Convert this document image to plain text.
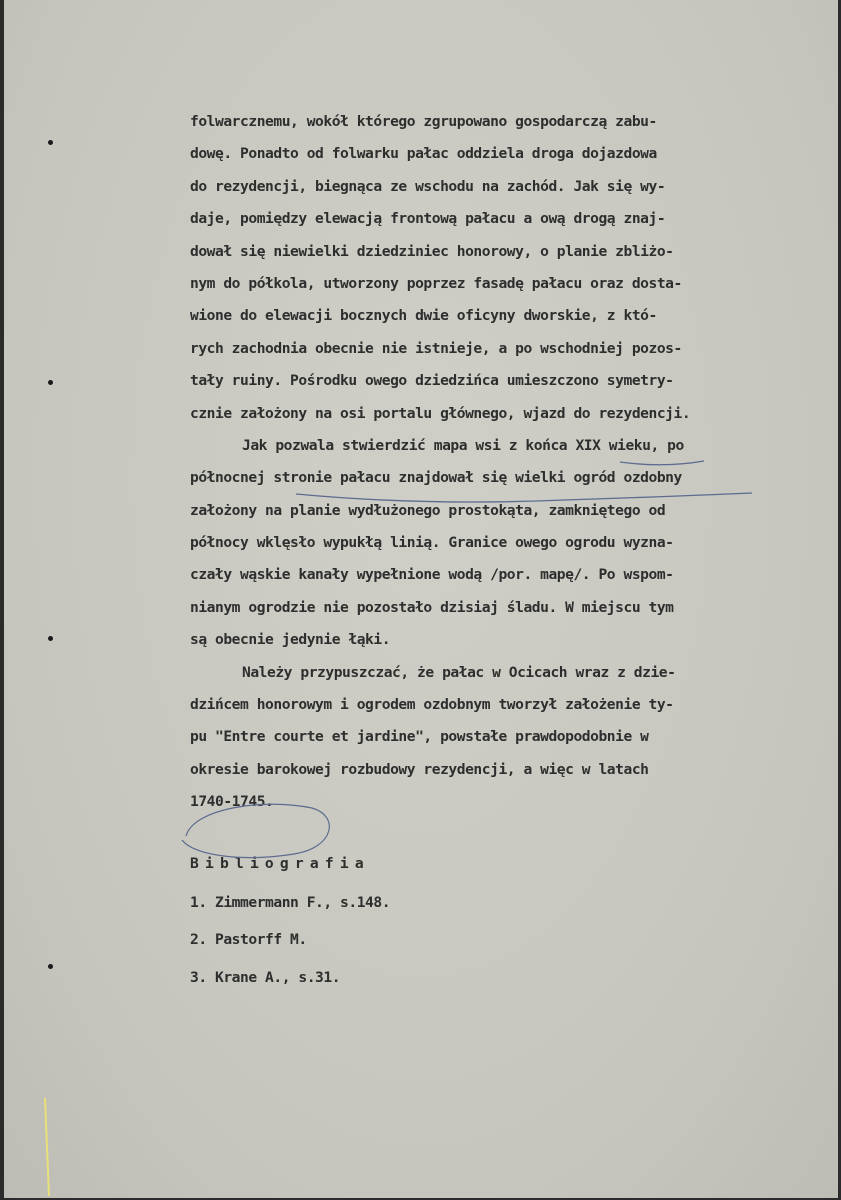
folwarcznemu, wokół którego zgrupowano gospodarczą zabu-
dowę. Ponadto od folwarku pałac oddziela droga dojazdowa
do rezydencji, biegnąca ze wschodu na zachód. Jak się wy-
daje, pomiędzy elewacją frontową pałacu a ową drogą znaj-
dował się niewielki dziedziniec honorowy, o planie zbliżo-
nym do półkola, utworzony poprzez fasadę pałacu oraz dosta-
wione do elewacji bocznych dwie oficyny dworskie, z któ-
rych zachodnia obecnie nie istnieje, a po wschodniej pozos-
tały ruiny. Pośrodku owego dziedzińca umieszczono symetry-
cznie założony na osi portalu głównego, wjazd do rezydencji.
Jak pozwala stwierdzić mapa wsi z końca XIX wieku, po
północnej stronie pałacu znajdował się wielki ogród ozdobny
założony na planie wydłużonego prostokąta, zamkniętego od
północy wklęsło wypukłą linią. Granice owego ogrodu wyzna-
czały wąskie kanały wypełnione wodą /por. mapę/. Po wspom-
nianym ogrodzie nie pozostało dzisiaj śladu. W miejscu tym
są obecnie jedynie łąki.
Należy przypuszczać, że pałac w Ocicach wraz z dzie-
dzińcem honorowym i ogrodem ozdobnym tworzył założenie ty-
pu "Entre courte et jardine", powstałe prawdopodobnie w
okresie barokowej rozbudowy rezydencji, a więc w latach
1740-1745.
Bibliografia
1. Zimmermann F., s.148.
2. Pastorff M.
3. Krane A., s.31.
